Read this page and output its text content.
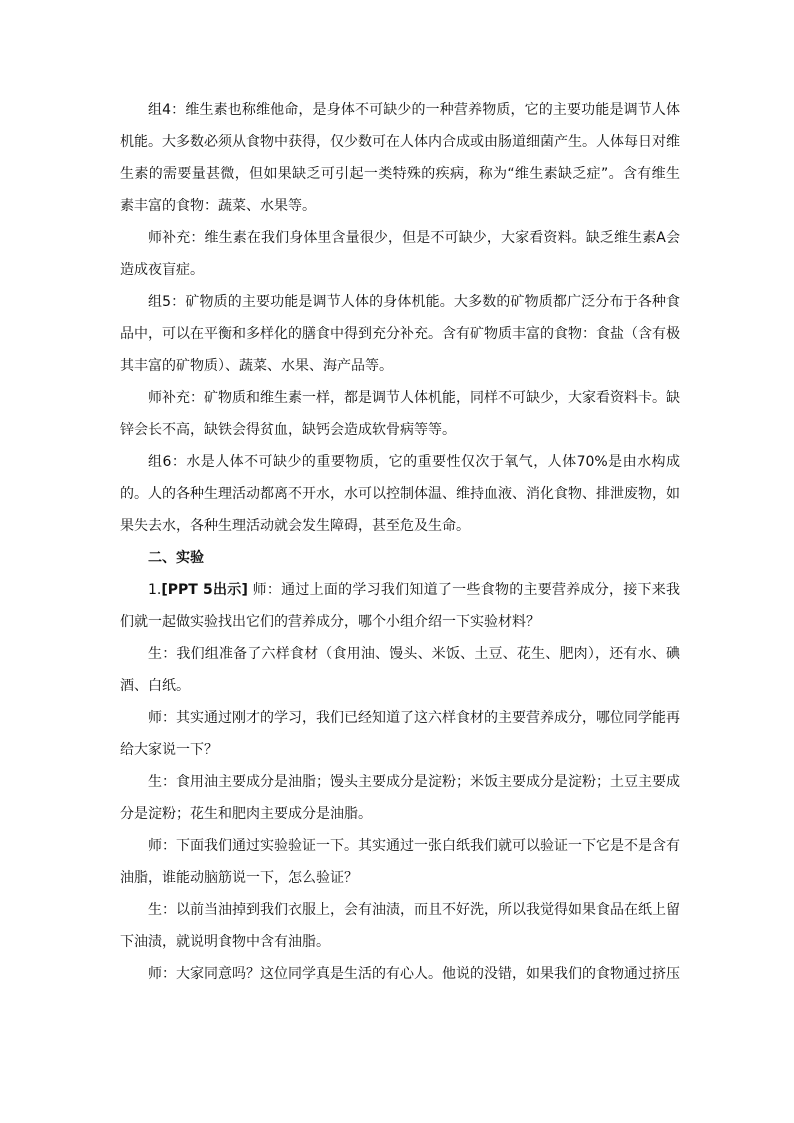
组4：维生素也称维他命，是身体不可缺少的一种营养物质，它的主要功能是调节人体机能。大多数必须从食物中获得，仅少数可在人体内合成或由肠道细菌产生。人体每日对维生素的需要量甚微，但如果缺乏可引起一类特殊的疾病，称为“维生素缺乏症”。含有维生素丰富的食物：蔬菜、水果等。

师补充：维生素在我们身体里含量很少，但是不可缺少，大家看资料。缺乏维生素A会造成夜盲症。

组5：矿物质的主要功能是调节人体的身体机能。大多数的矿物质都广泛分布于各种食品中，可以在平衡和多样化的膳食中得到充分补充。含有矿物质丰富的食物：食盐（含有极其丰富的矿物质）、蔬菜、水果、海产品等。

师补充：矿物质和维生素一样，都是调节人体机能，同样不可缺少，大家看资料卡。缺锌会长不高，缺铁会得贫血，缺钙会造成软骨病等等。

组6：水是人体不可缺少的重要物质，它的重要性仅次于氧气，人体70%是由水构成的。人的各种生理活动都离不开水，水可以控制体温、维持血液、消化食物、排泄废物，如果失去水，各种生理活动就会发生障碍，甚至危及生命。

二、实验

1.[PPT 5出示] 师：通过上面的学习我们知道了一些食物的主要营养成分，接下来我们就一起做实验找出它们的营养成分，哪个小组介绍一下实验材料？

生：我们组准备了六样食材（食用油、馒头、米饭、土豆、花生、肥肉），还有水、碘酒、白纸。

师：其实通过刚才的学习，我们已经知道了这六样食材的主要营养成分，哪位同学能再给大家说一下？

生：食用油主要成分是油脂；馒头主要成分是淀粉；米饭主要成分是淀粉；土豆主要成分是淀粉；花生和肥肉主要成分是油脂。

师：下面我们通过实验验证一下。其实通过一张白纸我们就可以验证一下它是不是含有油脂，谁能动脑筋说一下，怎么验证？

生：以前当油掉到我们衣服上，会有油渍，而且不好洗，所以我觉得如果食品在纸上留下油渍，就说明食物中含有油脂。

师：大家同意吗？这位同学真是生活的有心人。他说的没错，如果我们的食物通过挤压
